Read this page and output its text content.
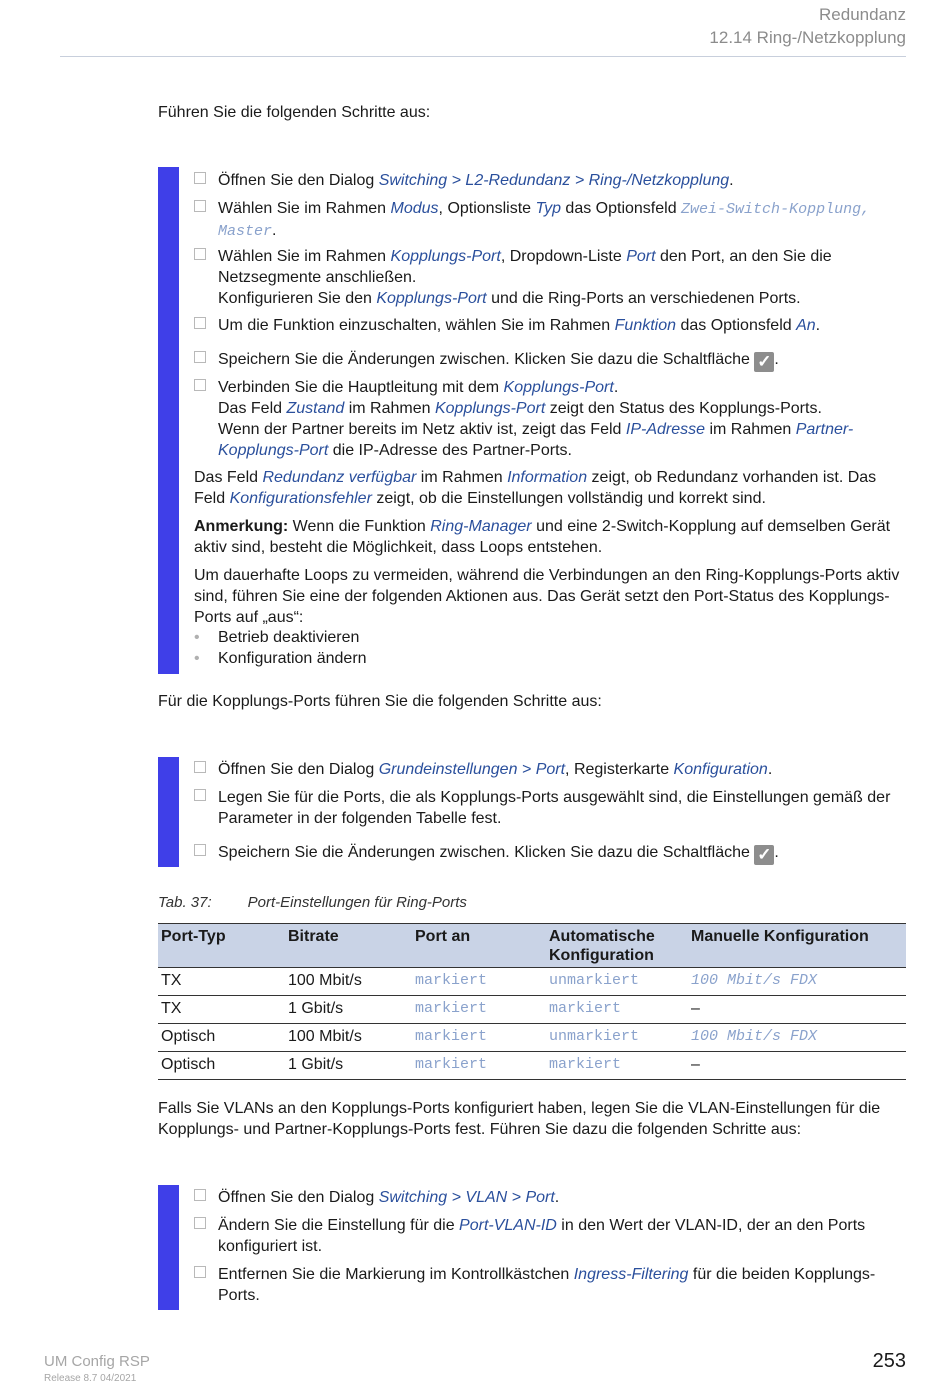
Redundanz
12.14 Ring-/Netzkopplung
Führen Sie die folgenden Schritte aus:
Öffnen Sie den Dialog Switching > L2-Redundanz > Ring-/Netzkopplung.
Wählen Sie im Rahmen Modus, Optionsliste Typ das Optionsfeld Zwei-Switch-Kopplung, Master.
Wählen Sie im Rahmen Kopplungs-Port, Dropdown-Liste Port den Port, an den Sie die Netzsegmente anschließen.
Konfigurieren Sie den Kopplungs-Port und die Ring-Ports an verschiedenen Ports.
Um die Funktion einzuschalten, wählen Sie im Rahmen Funktion das Optionsfeld An.
Speichern Sie die Änderungen zwischen. Klicken Sie dazu die Schaltfläche ✓ .
Verbinden Sie die Hauptleitung mit dem Kopplungs-Port.
Das Feld Zustand im Rahmen Kopplungs-Port zeigt den Status des Kopplungs-Ports.
Wenn der Partner bereits im Netz aktiv ist, zeigt das Feld IP-Adresse im Rahmen Partner-Kopplungs-Port die IP-Adresse des Partner-Ports.
Das Feld Redundanz verfügbar im Rahmen Information zeigt, ob Redundanz vorhanden ist. Das Feld Konfigurationsfehler zeigt, ob die Einstellungen vollständig und korrekt sind.
Anmerkung: Wenn die Funktion Ring-Manager und eine 2-Switch-Kopplung auf demselben Gerät aktiv sind, besteht die Möglichkeit, dass Loops entstehen.
Um dauerhafte Loops zu vermeiden, während die Verbindungen an den Ring-Kopplungs-Ports aktiv sind, führen Sie eine der folgenden Aktionen aus. Das Gerät setzt den Port-Status des Kopplungs-Ports auf „aus“:
• Betrieb deaktivieren
• Konfiguration ändern
Für die Kopplungs-Ports führen Sie die folgenden Schritte aus:
Öffnen Sie den Dialog Grundeinstellungen > Port, Registerkarte Konfiguration.
Legen Sie für die Ports, die als Kopplungs-Ports ausgewählt sind, die Einstellungen gemäß der Parameter in der folgenden Tabelle fest.
Speichern Sie die Änderungen zwischen. Klicken Sie dazu die Schaltfläche ✓ .
Tab. 37: Port-Einstellungen für Ring-Ports
Port-Typ	Bitrate	Port an	Automatische Konfiguration	Manuelle Konfiguration
TX	100 Mbit/s	markiert	unmarkiert	100 Mbit/s FDX
TX	1 Gbit/s	markiert	markiert	–
Optisch	100 Mbit/s	markiert	unmarkiert	100 Mbit/s FDX
Optisch	1 Gbit/s	markiert	markiert	–
Falls Sie VLANs an den Kopplungs-Ports konfiguriert haben, legen Sie die VLAN-Einstellungen für die Kopplungs- und Partner-Kopplungs-Ports fest. Führen Sie dazu die folgenden Schritte aus:
Öffnen Sie den Dialog Switching > VLAN > Port.
Ändern Sie die Einstellung für die Port-VLAN-ID in den Wert der VLAN-ID, der an den Ports konfiguriert ist.
Entfernen Sie die Markierung im Kontrollkästchen Ingress-Filtering für die beiden Kopplungs-Ports.
UM Config RSP
Release 8.7 04/2021
253
